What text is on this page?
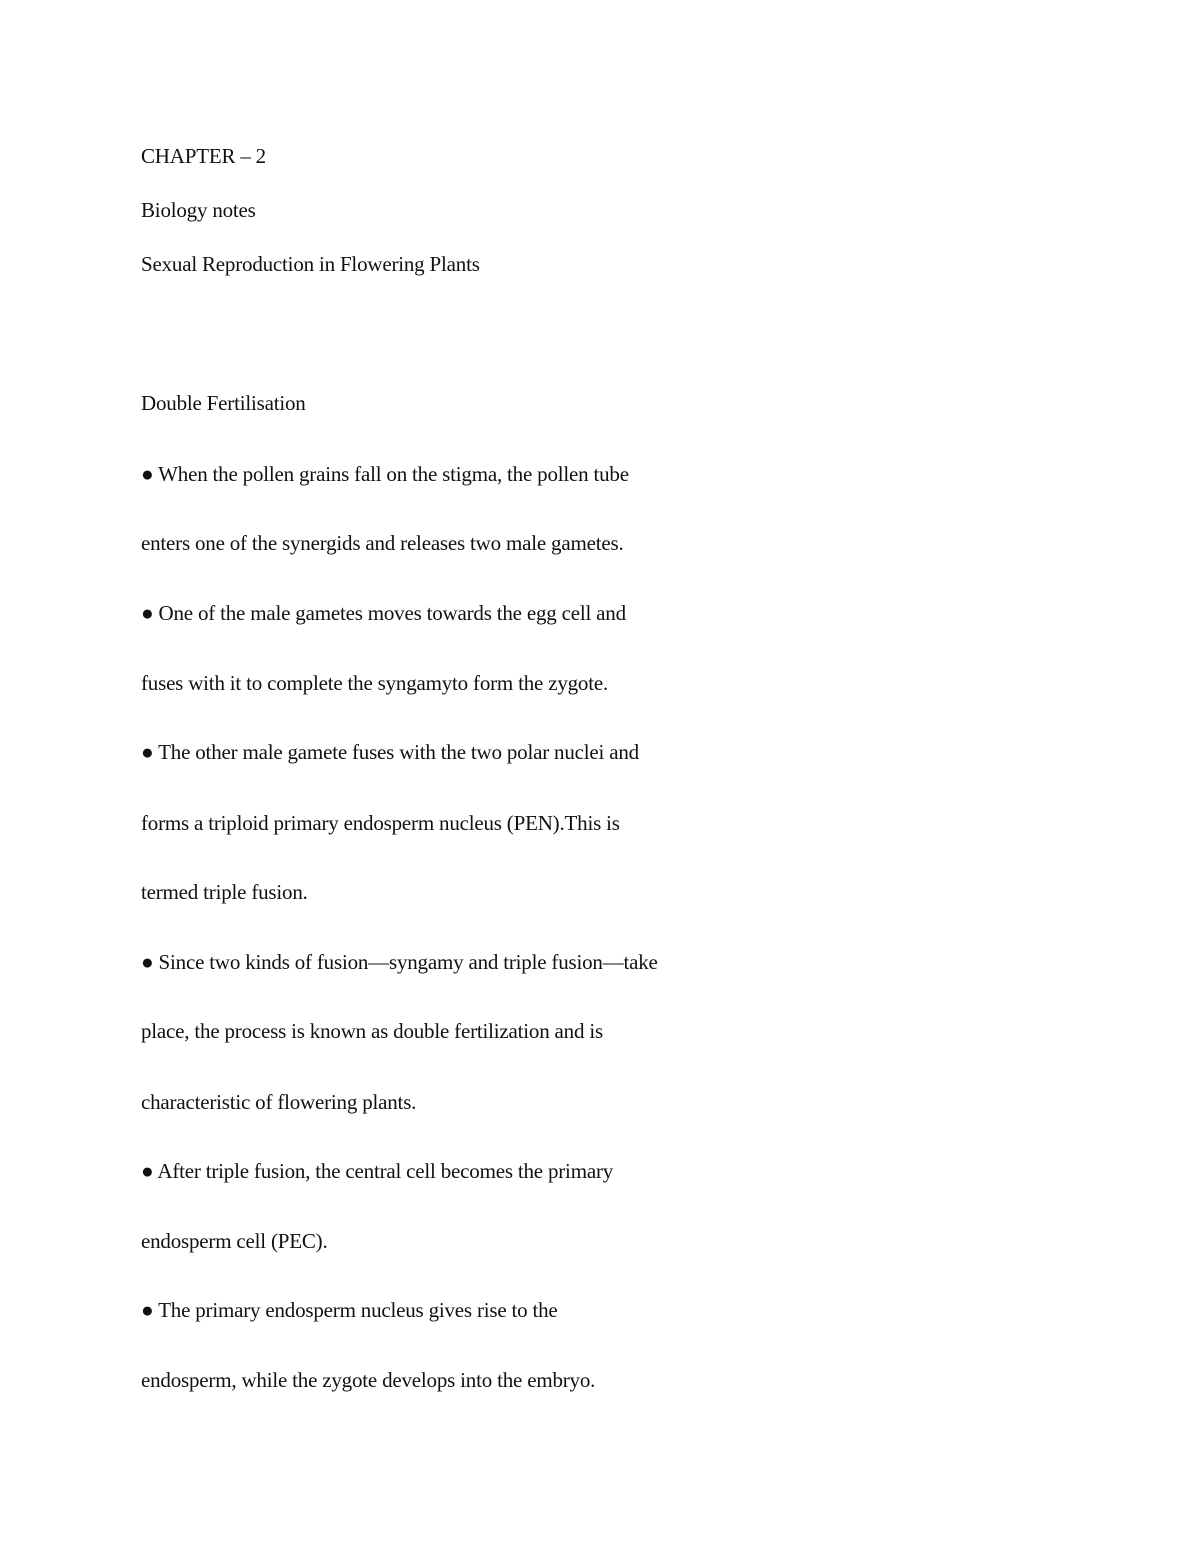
CHAPTER – 2
Biology notes
Sexual Reproduction in Flowering Plants
Double Fertilisation
● When the pollen grains fall on the stigma, the pollen tube
enters one of the synergids and releases two male gametes.
● One of the male gametes moves towards the egg cell and
fuses with it to complete the syngamyto form the zygote.
● The other male gamete fuses with the two polar nuclei and
forms a triploid primary endosperm nucleus (PEN).This is
termed triple fusion.
● Since two kinds of fusion—syngamy and triple fusion—take
place, the process is known as double fertilization and is
characteristic of flowering plants.
● After triple fusion, the central cell becomes the primary
endosperm cell (PEC).
● The primary endosperm nucleus gives rise to the
endosperm, while the zygote develops into the embryo.
